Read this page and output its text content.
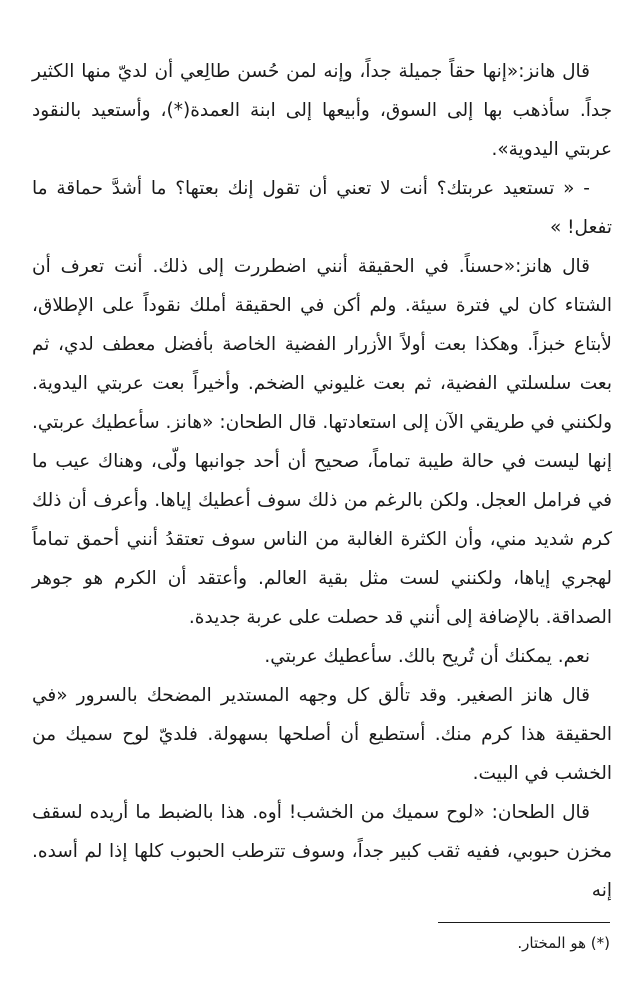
قال هانز:«إنها حقاً جميلة جداً، وإنه لمن حُسن طالِعي أن لديّ منها الكثير جداً. سأذهب بها إلى السوق، وأبيعها إلى ابنة العمدة(*)، وأستعيد بالنقود عربتي اليدوية».

- « تستعيد عربتك؟ أنت لا تعني أن تقول إنك بعتها؟ ما أشدَّ حماقة ما تفعل! »

قال هانز:«حسناً. في الحقيقة أنني اضطررت إلى ذلك. أنت تعرف أن الشتاء كان لي فترة سيئة. ولم أكن في الحقيقة أملك نقوداً على الإطلاق، لأبتاع خبزاً. وهكذا بعت أولاً الأزرار الفضية الخاصة بأفضل معطف لدي، ثم بعت سلسلتي الفضية، ثم بعت غليوني الضخم. وأخيراً بعت عربتي اليدوية. ولكنني في طريقي الآن إلى استعادتها. قال الطحان: «هانز. سأعطيك عربتي. إنها ليست في حالة طيبة تماماً، صحيح أن أحد جوانبها ولّى، وهناك عيب ما في فرامل العجل. ولكن بالرغم من ذلك سوف أعطيك إياها. وأعرف أن ذلك كرم شديد مني، وأن الكثرة الغالبة من الناس سوف تعتقدُ أنني أحمق تماماً لهجري إياها، ولكنني لست مثل بقية العالم. وأعتقد أن الكرم هو جوهر الصداقة. بالإضافة إلى أنني قد حصلت على عربة جديدة.

نعم. يمكنك أن تُريح بالك. سأعطيك عربتي.

قال هانز الصغير. وقد تألق كل وجهه المستدير المضحك بالسرور «في الحقيقة هذا كرم منك. أستطيع أن أصلحها بسهولة. فلديّ لوح سميك من الخشب في البيت.

قال الطحان: «لوح سميك من الخشب! أوه. هذا بالضبط ما أريده لسقف مخزن حبوبي، ففيه ثقب كبير جداً، وسوف تترطب الحبوب كلها إذا لم أسده. إنه

(*) هو المختار.
